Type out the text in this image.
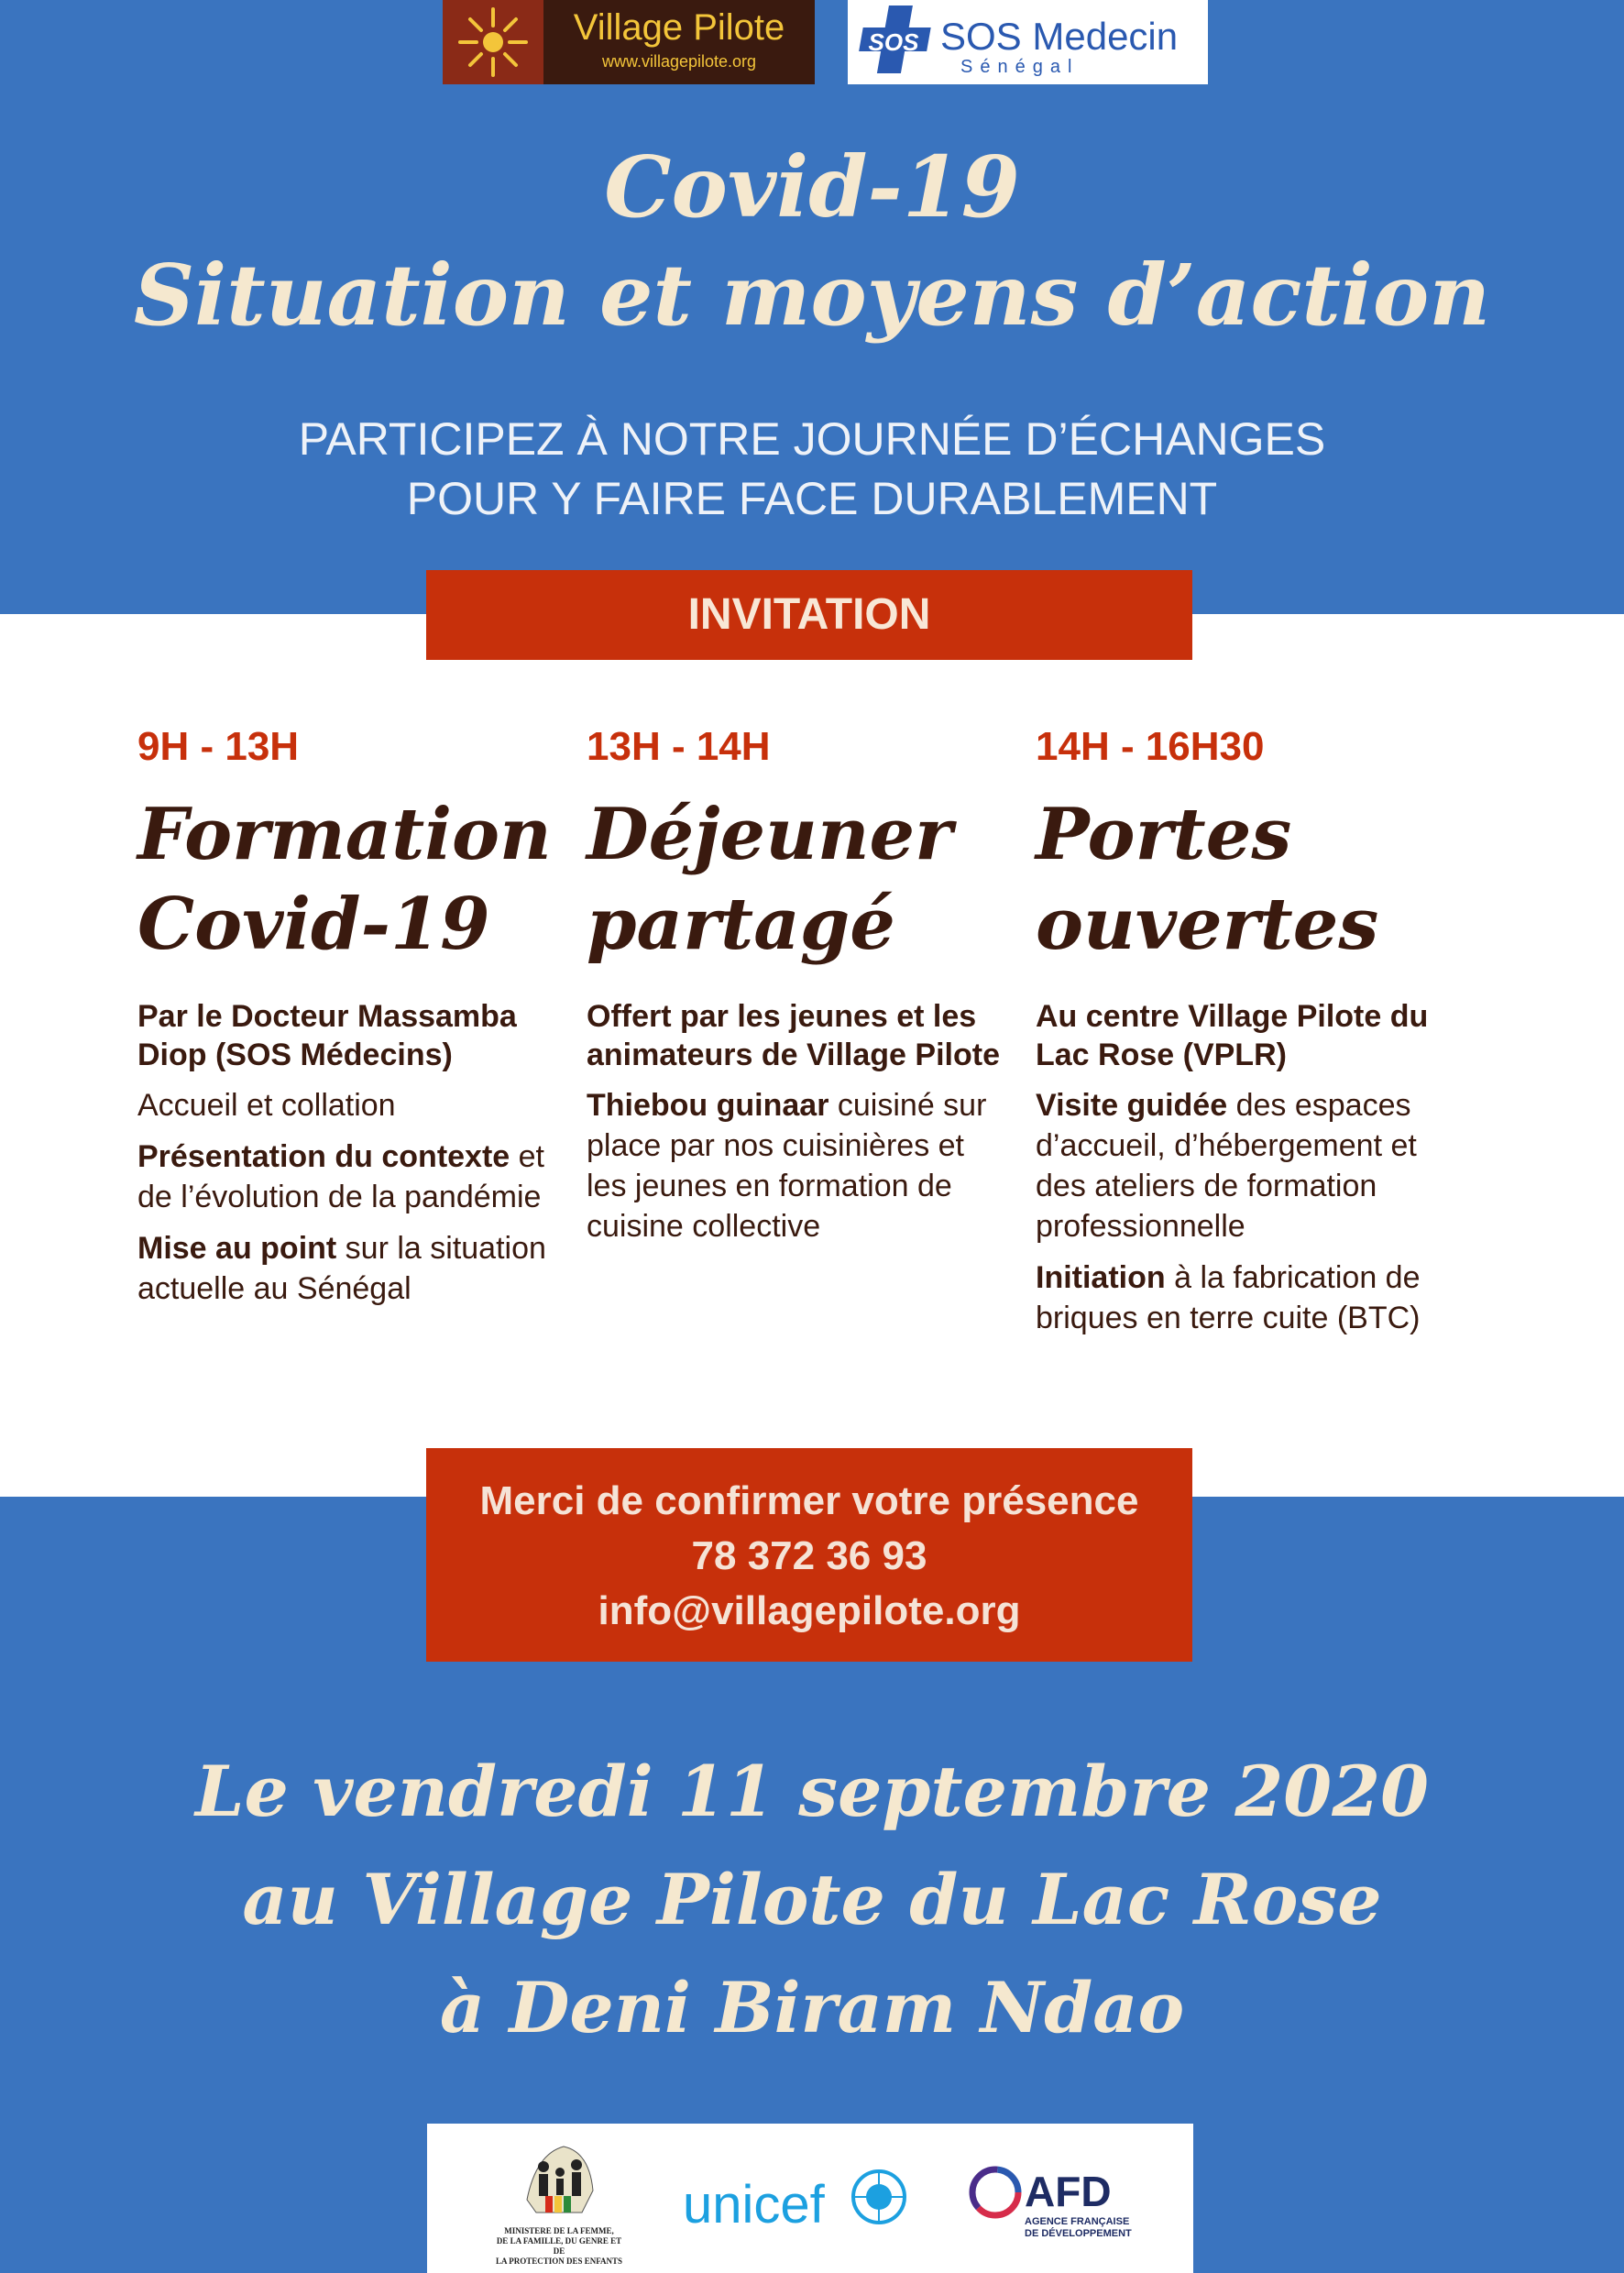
Village Pilote
www.villagepilote.org
SOS SOS Medecin
Sénégal
Covid-19
Situation et moyens d’action
PARTICIPEZ À NOTRE JOURNÉE D’ÉCHANGES
POUR Y FAIRE FACE DURABLEMENT
INVITATION

9H - 13H

Formation
Covid-19
Par le Docteur Massamba Diop (SOS Médecins)
Accueil et collation
Présentation du contexte et de l’évolution de la pandémie
Mise au point sur la situation actuelle au Sénégal

13H - 14H

Déjeuner
partagé
Offert par les jeunes et les animateurs de Village Pilote
Thiebou guinaar cuisiné sur place par nos cuisinières et les jeunes en formation de cuisine collective

14H - 16H30

Portes
ouvertes
Au centre Village Pilote du Lac Rose (VPLR)
Visite guidée des espaces d’accueil, d’hébergement et des ateliers de formation professionnelle
Initiation à la fabrication de briques en terre cuite (BTC)
Merci de confirmer votre présence
78 372 36 93
info@villagepilote.org
Le vendredi 11 septembre 2020
au Village Pilote du Lac Rose
à Deni Biram Ndao
MINISTERE DE LA FEMME,
DE LA FAMILLE, DU GENRE ET DE
LA PROTECTION DES ENFANTS
unicef	AFD
AGENCE FRANÇAISE
DE DÉVELOPPEMENT
